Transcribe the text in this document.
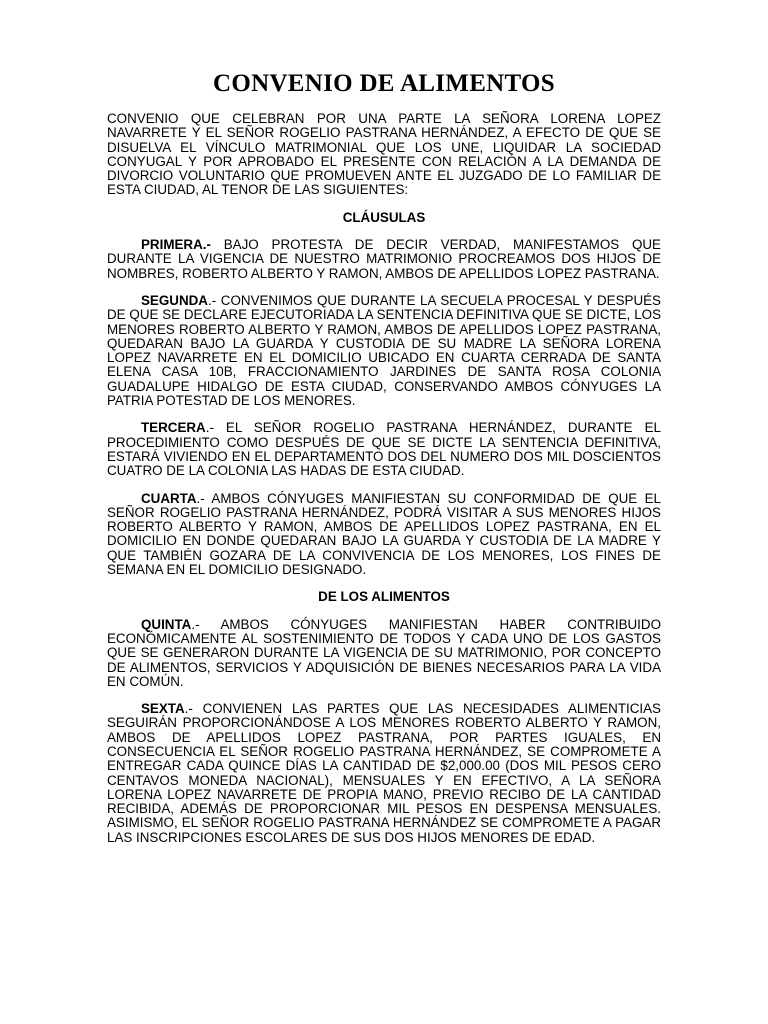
CONVENIO DE ALIMENTOS

CONVENIO QUE CELEBRAN POR UNA PARTE LA SEÑORA LORENA LOPEZ NAVARRETE Y EL SEÑOR ROGELIO PASTRANA HERNÁNDEZ, A EFECTO DE QUE SE DISUELVA EL VÍNCULO MATRIMONIAL QUE LOS UNE, LIQUIDAR LA SOCIEDAD CONYUGAL Y POR APROBADO EL PRESENTE CON RELACIÓN A LA DEMANDA DE DIVORCIO VOLUNTARIO QUE PROMUEVEN ANTE EL JUZGADO DE LO FAMILIAR DE ESTA CIUDAD, AL TENOR DE LAS SIGUIENTES:

CLÁUSULAS

PRIMERA.- BAJO PROTESTA DE DECIR VERDAD, MANIFESTAMOS QUE DURANTE LA VIGENCIA DE NUESTRO MATRIMONIO PROCREAMOS DOS HIJOS DE NOMBRES, ROBERTO ALBERTO Y RAMON, AMBOS DE APELLIDOS LOPEZ PASTRANA.

SEGUNDA.- CONVENIMOS QUE DURANTE LA SECUELA PROCESAL Y DESPUÉS DE QUE SE DECLARE EJECUTORIADA LA SENTENCIA DEFINITIVA QUE SE DICTE, LOS MENORES ROBERTO ALBERTO Y RAMON, AMBOS DE APELLIDOS LOPEZ PASTRANA, QUEDARAN BAJO LA GUARDA Y CUSTODIA DE SU MADRE LA SEÑORA LORENA LOPEZ NAVARRETE EN EL DOMICILIO UBICADO EN CUARTA CERRADA DE SANTA ELENA CASA 10B, FRACCIONAMIENTO JARDINES DE SANTA ROSA COLONIA GUADALUPE HIDALGO DE ESTA CIUDAD, CONSERVANDO AMBOS CÓNYUGES LA PATRIA POTESTAD DE LOS MENORES.

TERCERA.- EL SEÑOR ROGELIO PASTRANA HERNÁNDEZ, DURANTE EL PROCEDIMIENTO COMO DESPUÉS DE QUE SE DICTE LA SENTENCIA DEFINITIVA, ESTARÁ VIVIENDO EN EL DEPARTAMENTO DOS DEL NUMERO DOS MIL DOSCIENTOS CUATRO DE LA COLONIA LAS HADAS DE ESTA CIUDAD.

CUARTA.- AMBOS CÓNYUGES MANIFIESTAN SU CONFORMIDAD DE QUE EL SEÑOR ROGELIO PASTRANA HERNÁNDEZ, PODRÁ VISITAR A SUS MENORES HIJOS ROBERTO ALBERTO Y RAMON, AMBOS DE APELLIDOS LOPEZ PASTRANA, EN EL DOMICILIO EN DONDE QUEDARAN BAJO LA GUARDA Y CUSTODIA DE LA MADRE Y QUE TAMBIÉN GOZARA DE LA CONVIVENCIA DE LOS MENORES, LOS FINES DE SEMANA EN EL DOMICILIO DESIGNADO.

DE LOS ALIMENTOS

QUINTA.- AMBOS CÓNYUGES MANIFIESTAN HABER CONTRIBUIDO ECONÓMICAMENTE AL SOSTENIMIENTO DE TODOS Y CADA UNO DE LOS GASTOS QUE SE GENERARON DURANTE LA VIGENCIA DE SU MATRIMONIO, POR CONCEPTO DE ALIMENTOS, SERVICIOS Y ADQUISICIÓN DE BIENES NECESARIOS PARA LA VIDA EN COMÚN.

SEXTA.- CONVIENEN LAS PARTES QUE LAS NECESIDADES ALIMENTICIAS SEGUIRÁN PROPORCIONÁNDOSE A LOS MENORES ROBERTO ALBERTO Y RAMON, AMBOS DE APELLIDOS LOPEZ PASTRANA, POR PARTES IGUALES, EN CONSECUENCIA EL SEÑOR ROGELIO PASTRANA HERNÁNDEZ, SE COMPROMETE A ENTREGAR CADA QUINCE DÍAS LA CANTIDAD DE $2,000.00 (DOS MIL PESOS CERO CENTAVOS MONEDA NACIONAL), MENSUALES Y EN EFECTIVO, A LA SEÑORA LORENA LOPEZ NAVARRETE DE PROPIA MANO, PREVIO RECIBO DE LA CANTIDAD RECIBIDA, ADEMÁS DE PROPORCIONAR MIL PESOS EN DESPENSA MENSUALES. ASIMISMO, EL SEÑOR ROGELIO PASTRANA HERNÁNDEZ SE COMPROMETE A PAGAR LAS INSCRIPCIONES ESCOLARES DE SUS DOS HIJOS MENORES DE EDAD.
